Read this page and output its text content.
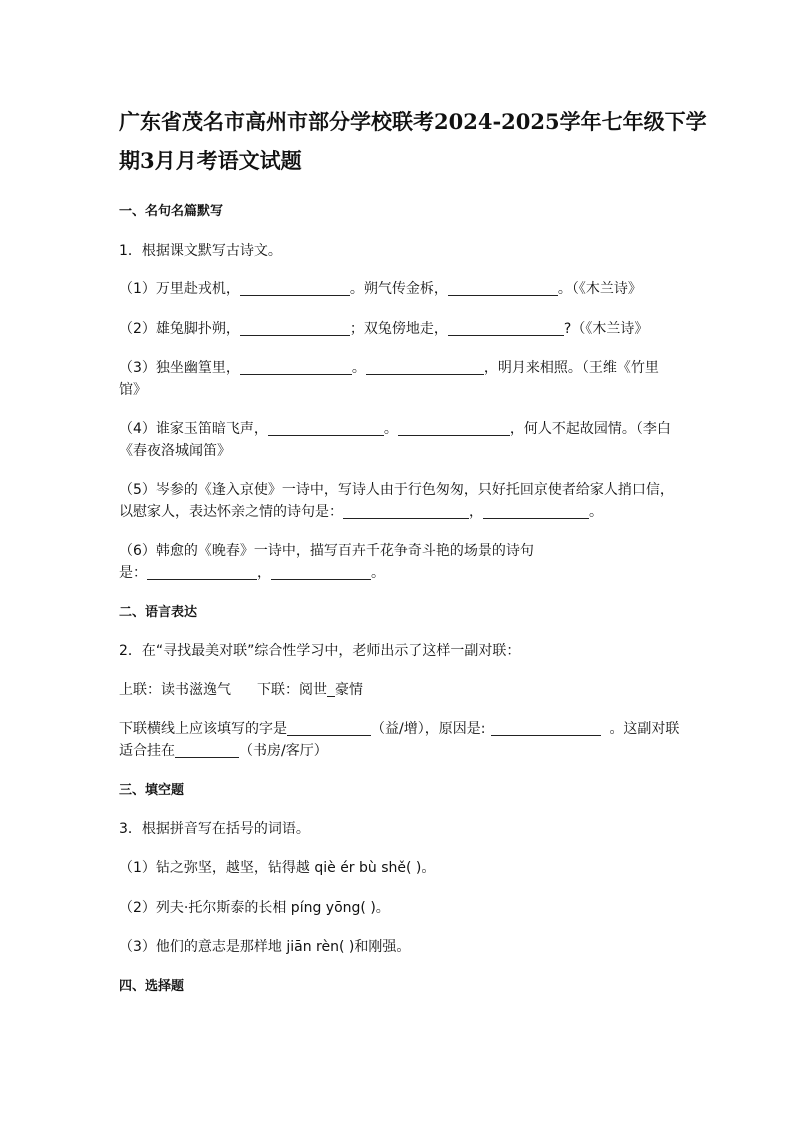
广东省茂名市高州市部分学校联考2024-2025学年七年级下学
期3月月考语文试题
一、名句名篇默写
1．根据课文默写古诗文。
（1）万里赴戎机，	。朔气传金柝，	。（《木兰诗》
（2）雄兔脚扑朔，	；双兔傍地走，	?（《木兰诗》
（3）独坐幽篁里，	。	，明月来相照。（王维《竹里
馆》
（4）谁家玉笛暗飞声，	。	，何人不起故园情。（李白
《春夜洛城闻笛》
（5）岑参的《逢入京使》一诗中，写诗人由于行色匆匆，只好托回京使者给家人捎口信，
以慰家人，表达怀亲之情的诗句是：	，	。
（6）韩愈的《晚春》一诗中，描写百卉千花争奇斗艳的场景的诗句
是：	，	。
二、语言表达
2．在“寻找最美对联”综合性学习中，老师出示了这样一副对联：
上联：读书滋逸气 下联：阅世 豪情
下联横线上应该填写的字是	（益/增），原因是:	。这副对联
适合挂在	（书房/客厅）
三、填空题
3．根据拼音写在括号的词语。
（1）钻之弥坚，越坚，钻得越 qiè ér bù shě( )。
（2）列夫·托尔斯泰的长相 píng yōng( )。
（3）他们的意志是那样地 jiān rèn( )和刚强。
四、选择题
